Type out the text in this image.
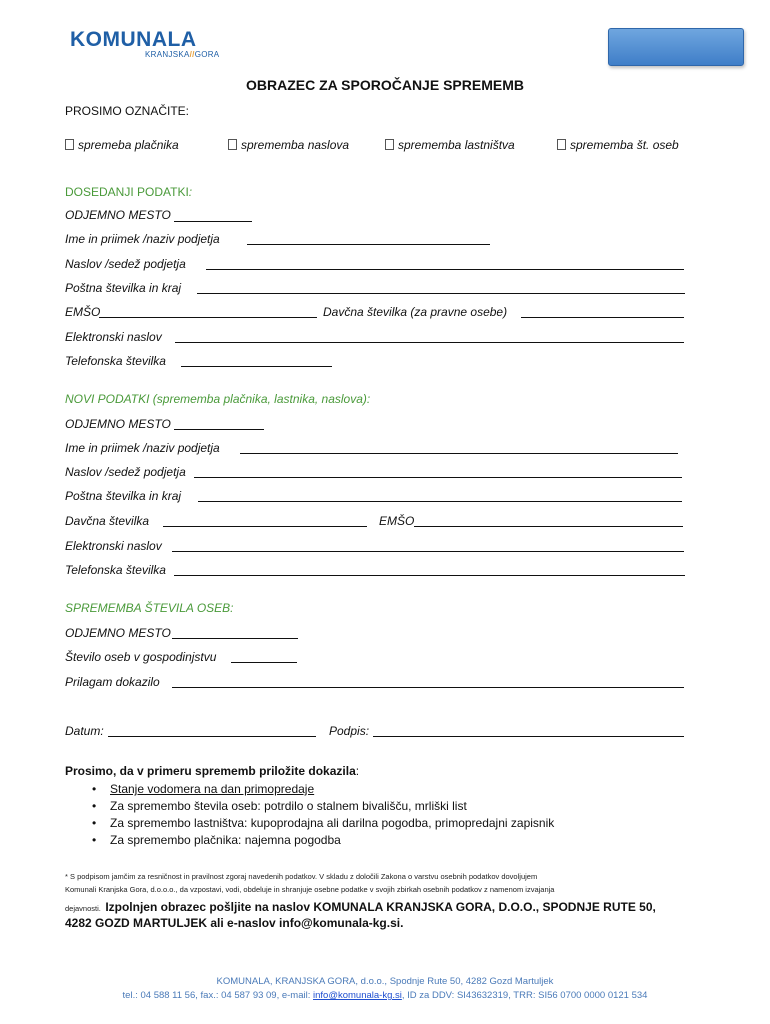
KOMUNALA
KRANJSKA//GORA
OBRAZEC ZA SPOROČANJE SPREMEMB
PROSIMO OZNAČITE:
spremeba plačnika	sprememba naslova	sprememba lastništva	sprememba št. oseb
DOSEDANJI PODATKI:
ODJEMNO MESTO
Ime in priimek /naziv podjetja
Naslov /sedež podjetja
Poštna številka in kraj
EMŠO	Davčna številka (za pravne osebe)
Elektronski naslov
Telefonska številka
NOVI PODATKI (sprememba plačnika, lastnika, naslova):
ODJEMNO MESTO
Ime in priimek /naziv podjetja
Naslov /sedež podjetja
Poštna številka in kraj
Davčna številka	EMŠO
Elektronski naslov
Telefonska številka
SPREMEMBA ŠTEVILA OSEB:
ODJEMNO MESTO
Število oseb v gospodinjstvu
Prilagam dokazilo
Datum:	Podpis:
Prosimo, da v primeru sprememb priložite dokazila:
• Stanje vodomera na dan primopredaje
• Za spremembo števila oseb: potrdilo o stalnem bivališču, mrliški list
• Za spremembo lastništva: kupoprodajna ali darilna pogodba, primopredajni zapisnik
• Za spremembo plačnika: najemna pogodba
* S podpisom jamčim za resničnost in pravilnost zgoraj navedenih podatkov. V skladu z določili Zakona o varstvu osebnih podatkov dovoljujem
Komunali Kranjska Gora, d.o.o.o., da vzpostavi, vodi, obdeluje in shranjuje osebne podatke v svojih zbirkah osebnih podatkov z namenom izvajanja
dejavnosti. Izpolnjen obrazec pošljite na naslov KOMUNALA KRANJSKA GORA, D.O.O., SPODNJE RUTE 50,
4282 GOZD MARTULJEK ali e-naslov info@komunala-kg.si.
KOMUNALA, KRANJSKA GORA, d.o.o., Spodnje Rute 50, 4282 Gozd Martuljek
tel.: 04 588 11 56, fax.: 04 587 93 09, e-mail: info@komunala-kg.si, ID za DDV: SI43632319, TRR: SI56 0700 0000 0121 534
